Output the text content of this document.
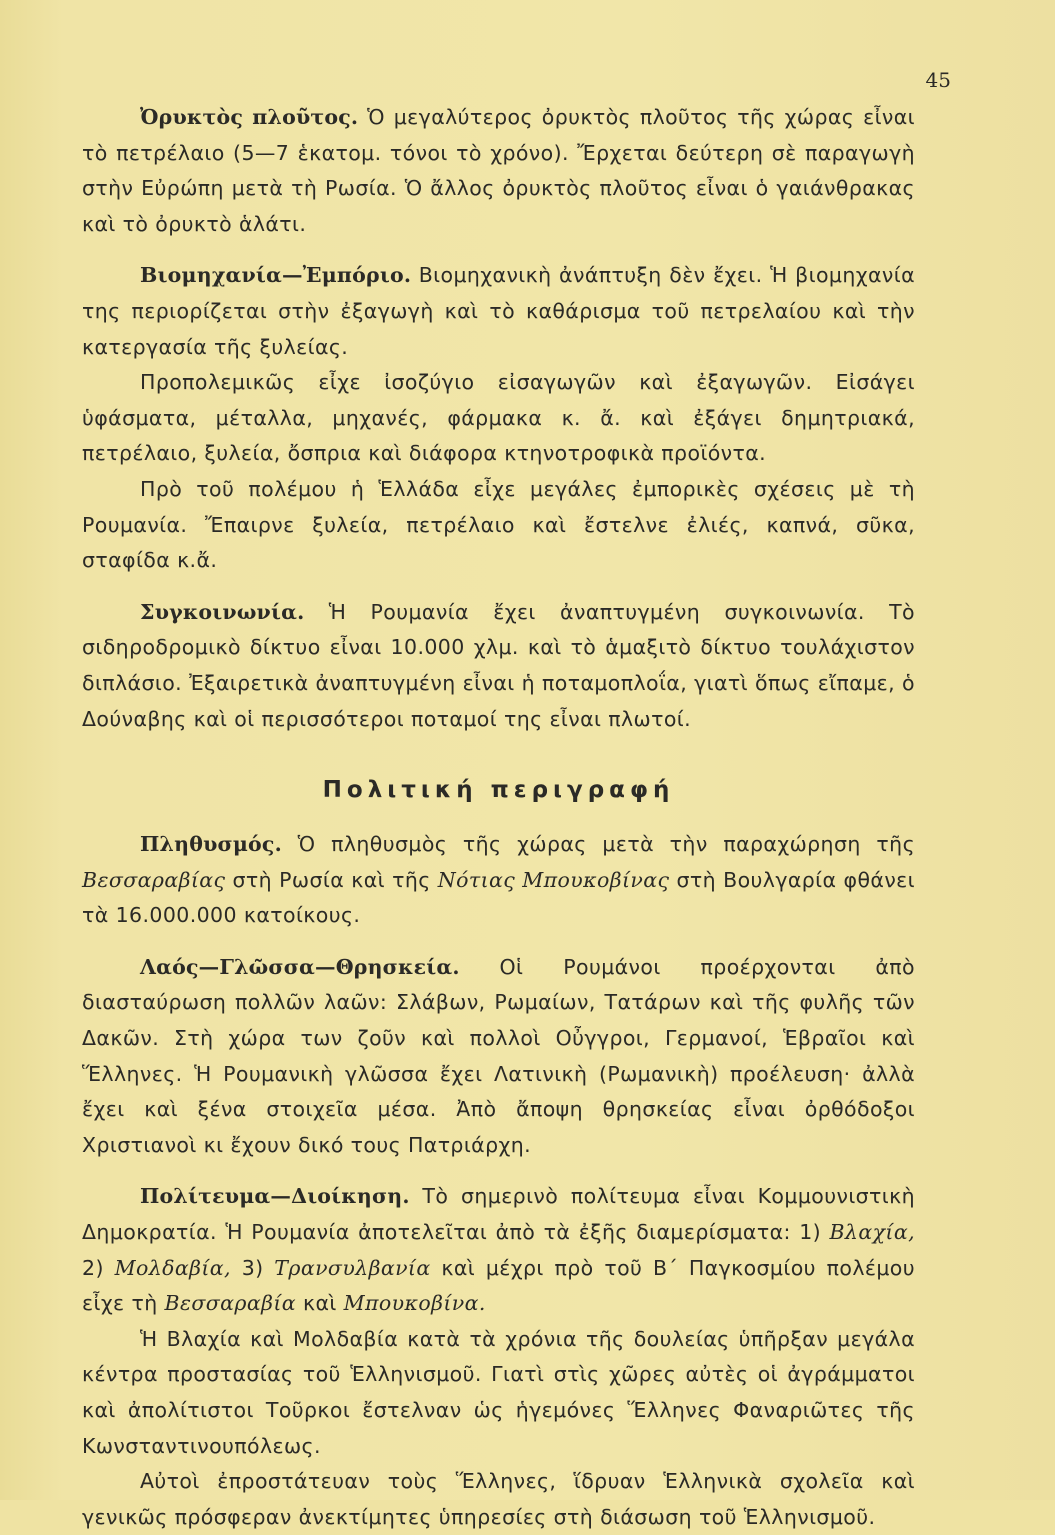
45

Ὀρυκτὸς πλοῦτος. Ὁ μεγαλύτερος ὀρυκτὸς πλοῦτος τῆς χώρας εἶναι τὸ πετρέλαιο (5—7 ἑκατομ. τόνοι τὸ χρόνο). Ἔρχεται δεύτερη σὲ παραγωγὴ στὴν Εὐρώπη μετὰ τὴ Ρωσία. Ὁ ἄλλος ὀρυκτὸς πλοῦτος εἶναι ὁ γαιάνθρακας καὶ τὸ ὀρυκτὸ ἁλάτι.

Βιομηχανία—Ἐμπόριο. Βιομηχανικὴ ἀνάπτυξη δὲν ἔχει. Ἡ βιομηχανία της περιορίζεται στὴν ἐξαγωγὴ καὶ τὸ καθάρισμα τοῦ πετρελαίου καὶ τὴν κατεργασία τῆς ξυλείας.

Προπολεμικῶς εἶχε ἰσοζύγιο εἰσαγωγῶν καὶ ἐξαγωγῶν. Εἰσάγει ὑφάσματα, μέταλλα, μηχανές, φάρμακα κ. ἄ. καὶ ἐξάγει δημητριακά, πετρέλαιο, ξυλεία, ὄσπρια καὶ διάφορα κτηνοτροφικὰ προϊόντα.

Πρὸ τοῦ πολέμου ἡ Ἑλλάδα εἶχε μεγάλες ἐμπορικὲς σχέσεις μὲ τὴ Ρουμανία. Ἔπαιρνε ξυλεία, πετρέλαιο καὶ ἔστελνε ἐλιές, καπνά, σῦκα, σταφίδα κ.ἄ.

Συγκοινωνία. Ἡ Ρουμανία ἔχει ἀναπτυγμένη συγκοινωνία. Τὸ σιδηροδρομικὸ δίκτυο εἶναι 10.000 χλμ. καὶ τὸ ἁμαξιτὸ δίκτυο τουλάχιστον διπλάσιο. Ἐξαιρετικὰ ἀναπτυγμένη εἶναι ἡ ποταμοπλοΐα, γιατὶ ὅπως εἴπαμε, ὁ Δούναβης καὶ οἱ περισσότεροι ποταμοί της εἶναι πλωτοί.

Πολιτική περιγραφή

Πληθυσμός. Ὁ πληθυσμὸς τῆς χώρας μετὰ τὴν παραχώρηση τῆς Βεσσαραβίας στὴ Ρωσία καὶ τῆς Νότιας Μπουκοβίνας στὴ Βουλγαρία φθάνει τὰ 16.000.000 κατοίκους.

Λαός—Γλῶσσα—Θρησκεία. Οἱ Ρουμάνοι προέρχονται ἀπὸ διασταύρωση πολλῶν λαῶν: Σλάβων, Ρωμαίων, Τατάρων καὶ τῆς φυλῆς τῶν Δακῶν. Στὴ χώρα των ζοῦν καὶ πολλοὶ Οὖγγροι, Γερμανοί, Ἑβραῖοι καὶ Ἕλληνες. Ἡ Ρουμανικὴ γλῶσσα ἔχει Λατινικὴ (Ρωμανικὴ) προέλευση· ἀλλὰ ἔχει καὶ ξένα στοιχεῖα μέσα. Ἀπὸ ἄποψη θρησκείας εἶναι ὀρθόδοξοι Χριστιανοὶ κι ἔχουν δικό τους Πατριάρχη.

Πολίτευμα—Διοίκηση. Τὸ σημερινὸ πολίτευμα εἶναι Κομμουνιστικὴ Δημοκρατία. Ἡ Ρουμανία ἀποτελεῖται ἀπὸ τὰ ἐξῆς διαμερίσματα: 1) Βλαχία, 2) Μολδαβία, 3) Τρανσυλβανία καὶ μέχρι πρὸ τοῦ Β΄ Παγκοσμίου πολέμου εἶχε τὴ Βεσσαραβία καὶ Μπουκοβίνα.

Ἡ Βλαχία καὶ Μολδαβία κατὰ τὰ χρόνια τῆς δουλείας ὑπῆρξαν μεγάλα κέντρα προστασίας τοῦ Ἑλληνισμοῦ. Γιατὶ στὶς χῶρες αὐτὲς οἱ ἀγράμματοι καὶ ἀπολίτιστοι Τοῦρκοι ἔστελναν ὡς ἡγεμόνες Ἕλληνες Φαναριῶτες τῆς Κωνσταντινουπόλεως.

Αὐτοὶ ἐπροστάτευαν τοὺς Ἕλληνες, ἵδρυαν Ἑλληνικὰ σχολεῖα καὶ γενικῶς πρόσφεραν ἀνεκτίμητες ὑπηρεσίες στὴ διάσωση τοῦ Ἑλληνισμοῦ.
